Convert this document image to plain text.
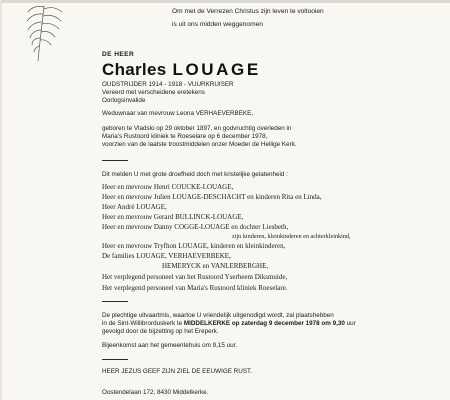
Om met de Verrezen Christus zijn leven te voltooien
is uit ons midden weggenomen
DE HEER
Charles LOUAGE
OUDSTRIJDER 1914 - 1918 - VUURKRUISER
Vereerd met verscheidene eretekens
Oorlogsinvalide
Weduwnaar van mevrouw Leona VERHAEVERBEKE,
geboren te Vladslo op 29 oktober 1897, en godvruchtig overleden in
Maria's Rustoord kliniek te Roeselare op 6 december 1978,
voorzien van de laatste troostmiddelen onzer Moeder de Heilige Kerk.
Dit melden U met grote droefheid doch met kristelijke gelatenheid :
Heer en mevrouw Henri COUCKE-LOUAGE,
Heer en mevrouw Julien LOUAGE-DESCHACHT en kinderen Rita en Linda,
Heer André LOUAGE,
Heer en mevrouw Gerard BULLINCK-LOUAGE,
Heer en mevrouw Danny COGGE-LOUAGE en dochter Liesbeth,
zijn kinderen, kleinkinderen en achterkleinkind,
Heer en mevrouw Tryfhon LOUAGE, kinderen en kleinkinderen,
De families LOUAGE, VERHAEVERBEKE,
HEMERYCK en VANLERBERGHE,
Het verplegend personeel van het Rustoord Yserheem Diksmuide,
Het verplegend personeel van Maria's Rustoord kliniek Roeselare.
De plechtige uitvaartmis, waartoe U vriendelijk uitgenodigd wordt, zal plaatshebben
in de Sint-Willibrorduskerk te MIDDELKERKE op zaterdag 9 december 1978 om 9,30 uur
gevolgd door de bijzetting op het Ereperk.
Bijeenkomst aan het gemeentehuis om 9,15 uur.
HEER JEZUS GEEF ZIJN ZIEL DE EEUWIGE RUST.
Oostendelaan 172, 8430 Middelkerke.
